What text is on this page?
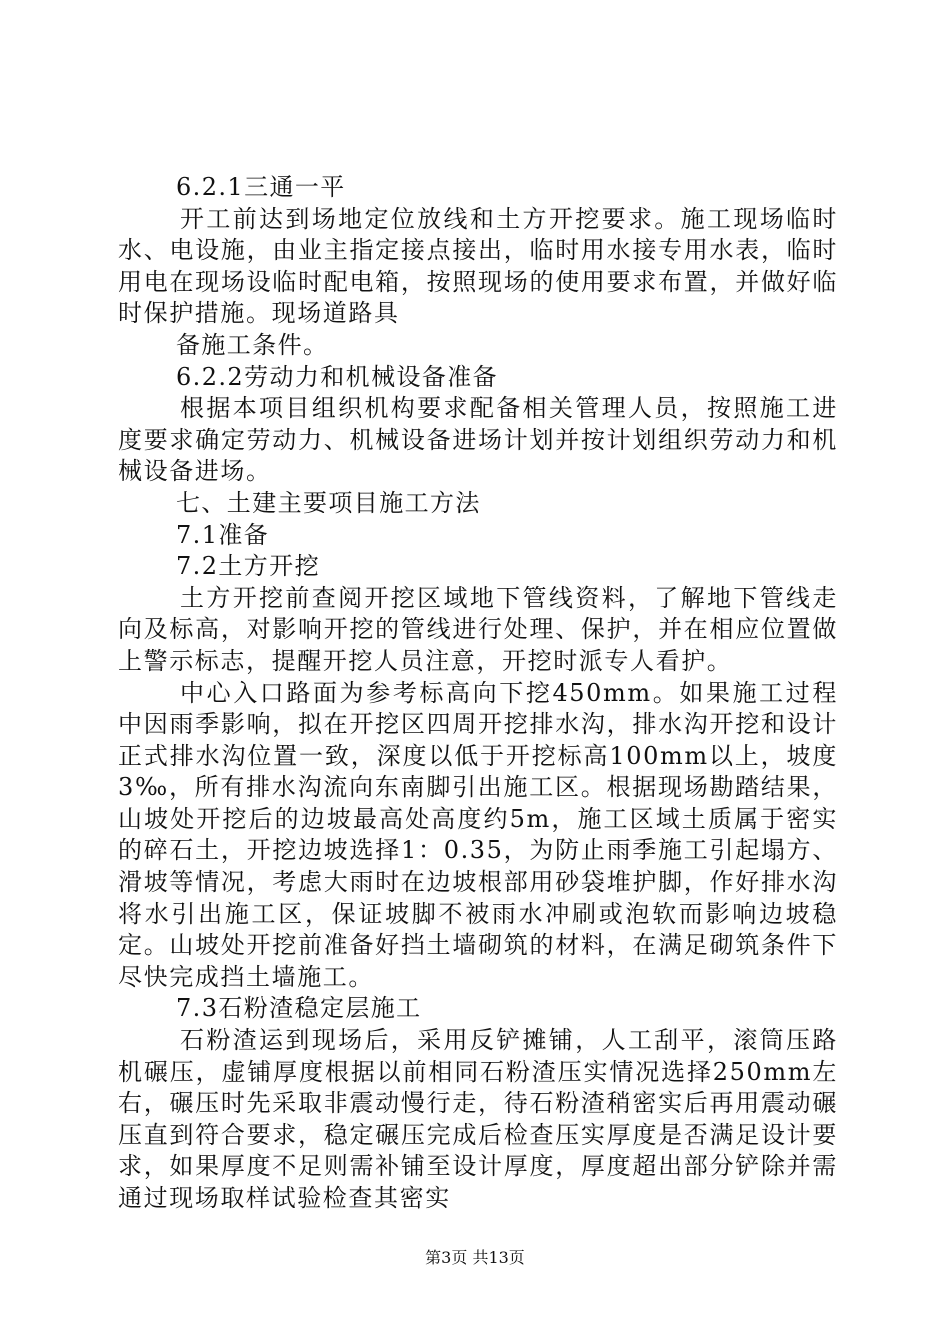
6.2.1三通一平

开工前达到场地定位放线和土方开挖要求。施工现场临时水、电设施，由业主指定接点接出，临时用水接专用水表，临时用电在现场设临时配电箱，按照现场的使用要求布置，并做好临时保护措施。现场道路具

备施工条件。

6.2.2劳动力和机械设备准备

根据本项目组织机构要求配备相关管理人员，按照施工进度要求确定劳动力、机械设备进场计划并按计划组织劳动力和机械设备进场。

七、土建主要项目施工方法

7.1准备

7.2土方开挖

土方开挖前查阅开挖区域地下管线资料，了解地下管线走向及标高，对影响开挖的管线进行处理、保护，并在相应位置做上警示标志，提醒开挖人员注意，开挖时派专人看护。

中心入口路面为参考标高向下挖450mm。如果施工过程中因雨季影响，拟在开挖区四周开挖排水沟，排水沟开挖和设计正式排水沟位置一致，深度以低于开挖标高100mm以上，坡度3‰，所有排水沟流向东南脚引出施工区。根据现场勘踏结果，山坡处开挖后的边坡最高处高度约5m，施工区域土质属于密实的碎石土，开挖边坡选择1：0.35，为防止雨季施工引起塌方、滑坡等情况，考虑大雨时在边坡根部用砂袋堆护脚，作好排水沟将水引出施工区，保证坡脚不被雨水冲刷或泡软而影响边坡稳定。山坡处开挖前准备好挡土墙砌筑的材料，在满足砌筑条件下尽快完成挡土墙施工。

7.3石粉渣稳定层施工

石粉渣运到现场后，采用反铲摊铺，人工刮平，滚筒压路机碾压，虚铺厚度根据以前相同石粉渣压实情况选择250mm左右，碾压时先采取非震动慢行走，待石粉渣稍密实后再用震动碾压直到符合要求，稳定碾压完成后检查压实厚度是否满足设计要求，如果厚度不足则需补铺至设计厚度，厚度超出部分铲除并需通过现场取样试验检查其密实

第3页 共13页
